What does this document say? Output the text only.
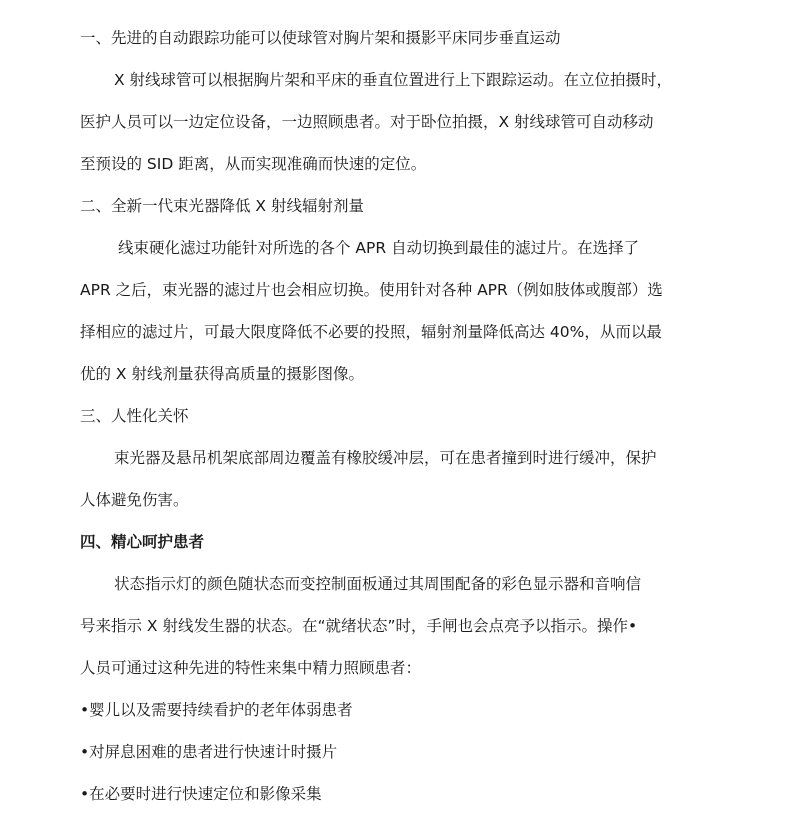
一、先进的自动跟踪功能可以使球管对胸片架和摄影平床同步垂直运动
X 射线球管可以根据胸片架和平床的垂直位置进行上下跟踪运动。在立位拍摄时，
医护人员可以一边定位设备，一边照顾患者。对于卧位拍摄，X 射线球管可自动移动
至预设的 SID 距离，从而实现准确而快速的定位。
二、全新一代束光器降低 X 射线辐射剂量
线束硬化滤过功能针对所选的各个 APR 自动切换到最佳的滤过片。在选择了
APR 之后，束光器的滤过片也会相应切换。使用针对各种 APR（例如肢体或腹部）选
择相应的滤过片，可最大限度降低不必要的投照，辐射剂量降低高达 40%，从而以最
优的 X 射线剂量获得高质量的摄影图像。
三、人性化关怀
束光器及悬吊机架底部周边覆盖有橡胶缓冲层，可在患者撞到时进行缓冲，保护
人体避免伤害。
四、精心呵护患者
状态指示灯的颜色随状态而变控制面板通过其周围配备的彩色显示器和音响信
号来指示 X 射线发生器的状态。在“就绪状态”时，手闸也会点亮予以指示。操作•
人员可通过这种先进的特性来集中精力照顾患者：
•婴儿以及需要持续看护的老年体弱患者
•对屏息困难的患者进行快速计时摄片
•在必要时进行快速定位和影像采集
